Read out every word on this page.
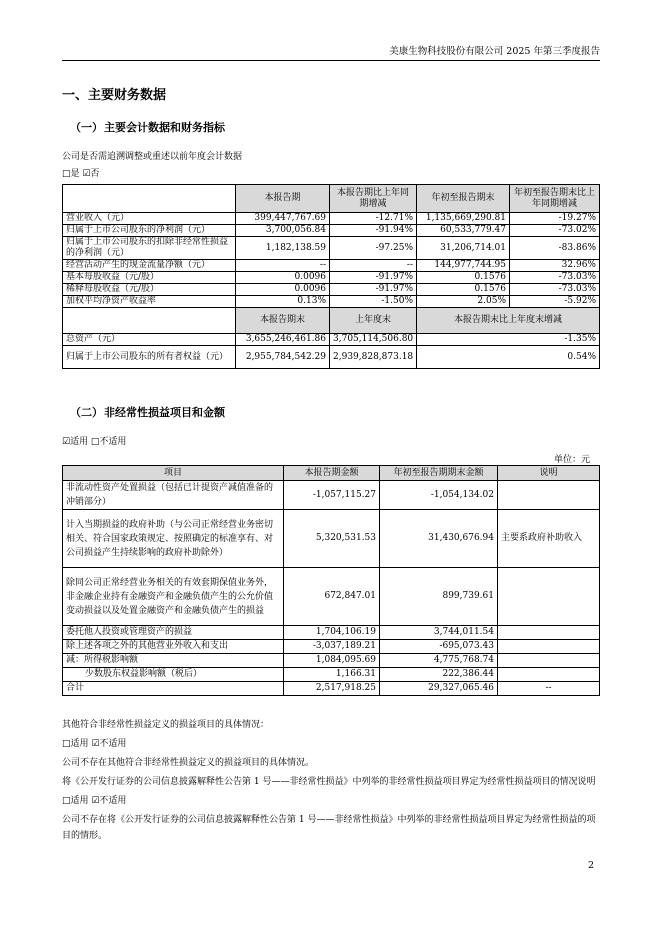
美康生物科技股份有限公司 2025 年第三季度报告
一、主要财务数据
（一）主要会计数据和财务指标
公司是否需追溯调整或重述以前年度会计数据
□是 ☑否
	本报告期	本报告期比上年同期增减	年初至报告期末	年初至报告期末比上年同期增减
营业收入（元）	399,447,767.69	-12.71%	1,135,669,290.81	-19.27%
归属于上市公司股东的净利润（元）	3,700,056.84	-91.94%	60,533,779.47	-73.02%
归属于上市公司股东的扣除非经常性损益的净利润（元）	1,182,138.59	-97.25%	31,206,714.01	-83.86%
经营活动产生的现金流量净额（元）	--	--	144,977,744.95	32.96%
基本每股收益（元/股）	0.0096	-91.97%	0.1576	-73.03%
稀释每股收益（元/股）	0.0096	-91.97%	0.1576	-73.03%
加权平均净资产收益率	0.13%	-1.50%	2.05%	-5.92%
	本报告期末	上年度末	本报告期末比上年度末增减	
总资产（元）	3,655,246,461.86	3,705,114,506.80	-1.35%	
归属于上市公司股东的所有者权益（元）	2,955,784,542.29	2,939,828,873.18	0.54%	
（二）非经常性损益项目和金额
☑适用 □不适用
单位：元
项目	本报告期金额	年初至报告期期末金额	说明
非流动性资产处置损益（包括已计提资产减值准备的冲销部分）	-1,057,115.27	-1,054,134.02	
计入当期损益的政府补助（与公司正常经营业务密切相关、符合国家政策规定、按照确定的标准享有、对公司损益产生持续影响的政府补助除外）	5,320,531.53	31,430,676.94	主要系政府补助收入
除同公司正常经营业务相关的有效套期保值业务外，非金融企业持有金融资产和金融负债产生的公允价值变动损益以及处置金融资产和金融负债产生的损益	672,847.01	899,739.61	
委托他人投资或管理资产的损益	1,704,106.19	3,744,011.54	
除上述各项之外的其他营业外收入和支出	-3,037,189.21	-695,073.43	
减：所得税影响额	1,084,095.69	4,775,768.74	
少数股东权益影响额（税后）	1,166.31	222,386.44	
合计	2,517,918.25	29,327,065.46	--
其他符合非经常性损益定义的损益项目的具体情况：
□适用 ☑不适用
公司不存在其他符合非经常性损益定义的损益项目的具体情况。
将《公开发行证券的公司信息披露解释性公告第 1 号——非经常性损益》中列举的非经常性损益项目界定为经常性损益项目的情况说明
□适用 ☑不适用
公司不存在将《公开发行证券的公司信息披露解释性公告第 1 号——非经常性损益》中列举的非经常性损益项目界定为经常性损益的项目的情形。
2
